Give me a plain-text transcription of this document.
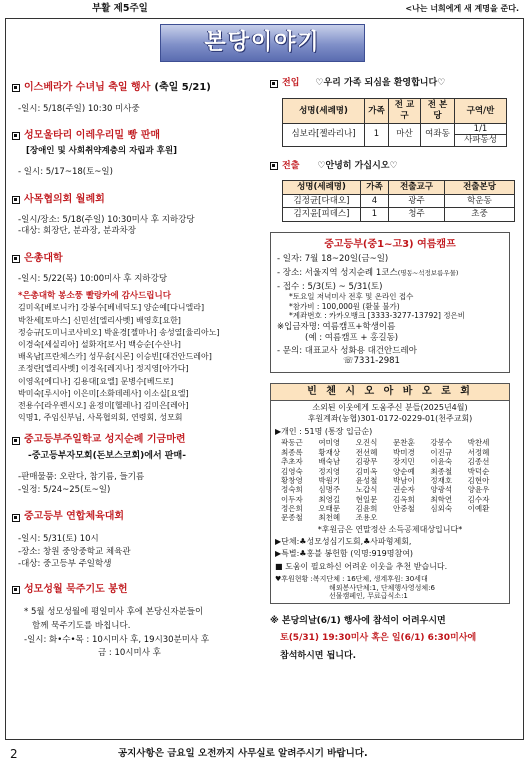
부활 제5주일	<나는 너희에게 새 계명을 준다.
본당이야기
이스베라가 수녀님 축일 행사 (축일 5/21)
-일시: 5/18(주일) 10:30 미사중
성모울타리 이레우리밀 빵 판매
[장애인 및 사회취약계층의 자립과 후원]
- 일시: 5/17~18(토~일)
사목협의회 월례회
-일시/장소: 5/18(주일) 10:30미사 후 지하강당
-대상: 회장단, 분과장, 분과차장
은총대학
-일시: 5/22(목) 10:00미사 후 지하강당
*은총대학 봉소풍 빨랑카에 감사드립니다
김미옥[베로니카] 강봉수[베네딕도] 양순예[다니엘라]
박찬세[토마스] 신민선[엘리사벳] 배영호[요한]
정승규[도미니코사비오] 박윤경[젤마나] 송성열[율리아노]
이경숙[세실리아] 설화자[로사] 백승순[수산나]
배옥남[프란체스카] 성무송[시몬] 이승빈[대건안드레아]
조정란[엘리사벳] 이경옥[레지나] 정지영[아가다]
이영옥[에디나] 김용대[요엘] 문병수[베드로]
박미숙[루시아] 이은미[소화데레사] 이소실[요엘]
전용수[라우렌시오] 윤정미[헬레나] 김미은[레아]
익명1, 주임신부님, 사목협의회, 연령회, 성모회
중고등부주일학교 성지순례 기금마련
-중고등부자모회(돈보스코회)에서 판매-
-판매물품: 오란다, 참기름, 들기름
-일정: 5/24~25(토~일)
중고등부 연합체육대회
-일시: 5/31(토) 10시
-장소: 창원 중앙중학교 체육관
-대상: 중고등부 주일학생
성모성월 묵주기도 봉헌
* 5월 성모성월에 평일미사 후에 본당신자분들이
함께 묵주기도를 바칩니다.
-일시: 화•수•목 : 10시미사 후, 19시30분미사 후
금 : 10시미사 후
전입 ♡우리 가족 되심을 환영합니다♡
성명(세례명)	가족	전 교구	전 본당	구역/반
심보라[젤라리나]	1	마산	여좌동	1/1
				사파동성
전출 ♡안녕히 가십시오♡
성명(세례명)	가족	전출교구	전출본당
김정균[다대오]	4	광주	학운동
김지윤[피데스]	1	청주	초중
중고등부(중1~고3) 여름캠프
- 일자: 7월 18~20일(금~일)
- 장소: 서울지역 성지순례 1코스(명동~석정보름우물)
- 접수 : 5/3(토) ~ 5/31(토)
*토요일 저녁미사 전후 및 온라인 접수
*참가비 : 100,000원 (환불 불가)
*계좌번호 : 카카오뱅크 [3333-3277-13792] 정은비
※입금자명: 여름캠프+학생이름
(예 : 여름캠프 + 홍길동)
- 문의: 대표교사 성화용 대건안드레아
☏7331-2981
빈 첸 시 오 아 바 오 로 회
소외된 이웃에게 도움주신 분들(2025년4월)
후원계좌(농협)301-0172-0229-01(천주교회)
▶개인 : 51명 (통장 입금순)
곽동근	여미영	오진식	문찬훈	강봉수	박찬세
최종록	황재상	전선혜	박미경	이진규	서정혜
추초자	배숙남	김광무	장지민	이윤숙	김종선
김영숙	정지영	김미옥	양순예	최종철	박덕순
황창영	박원기	윤성철	박남이	정재호	김현아
정숙희	심명주	노갑식	권순자	양광석	양윤우
이두자	최영길	현일문	김옥희	최학연	김수자
정은희	오태문	김윤희	안중철	심외숙	이예환
문종철	최천혜	조용오
*후원금은 연말정산 소득공제대상입니다*
▶단체:♣성모성심기도회,♣사파형제회,
▶특별:♣홍블 봉헌함 (익명:919명참여)
■ 도움이 필요하신 어려운 이웃을 추천 받습니다.
♥후원현황 :복지단체 : 16단체, 생계후원: 30세대
해외봉사단체:1, 단체행사영성체:6
선물캠페인, 무료급식소:1
※ 본당의날(6/1) 행사에 참석이 어려우시면
토(5/31) 19:30미사 혹은 일(6/1) 6:30미사에
참석하시면 됩니다.
2	공지사항은 금요일 오전까지 사무실로 알려주시기 바랍니다.
